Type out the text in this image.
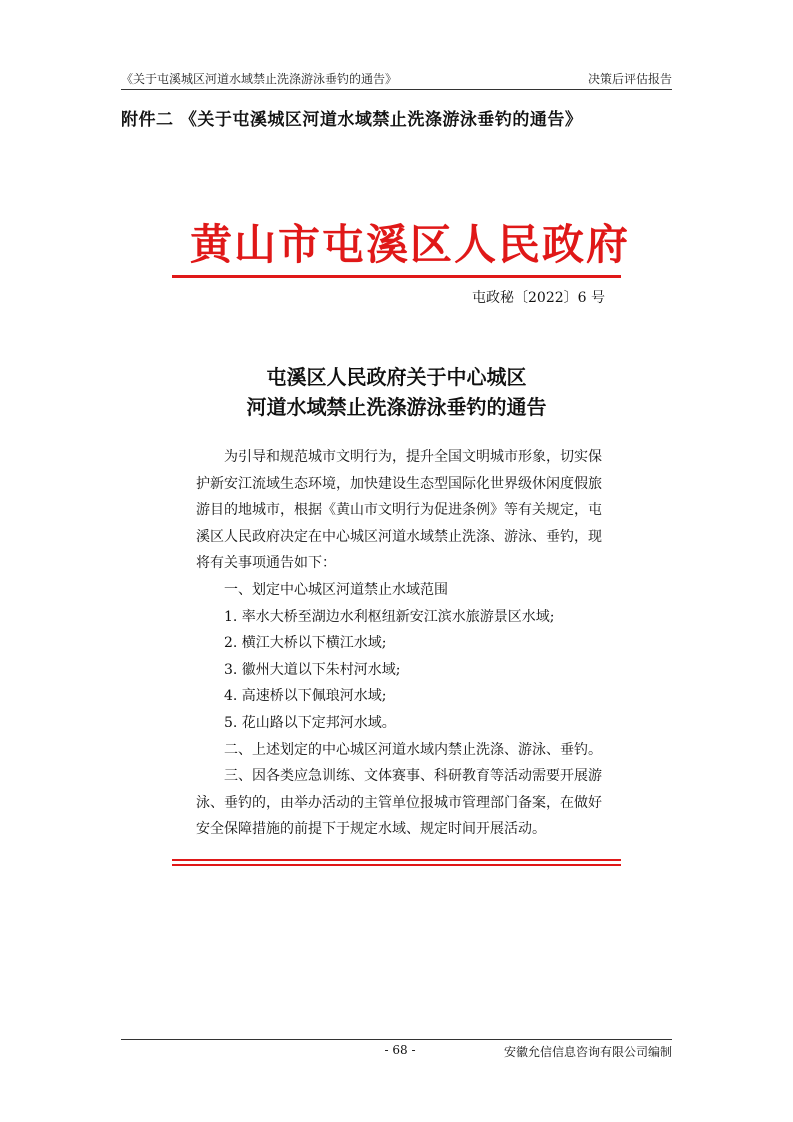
《关于屯溪城区河道水域禁止洗涤游泳垂钓的通告》	决策后评估报告
附件二 《关于屯溪城区河道水域禁止洗涤游泳垂钓的通告》
黄山市屯溪区人民政府
屯政秘〔2022〕6 号
屯溪区人民政府关于中心城区
河道水域禁止洗涤游泳垂钓的通告

为引导和规范城市文明行为，提升全国文明城市形象，切实保护新安江流域生态环境，加快建设生态型国际化世界级休闲度假旅游目的地城市，根据《黄山市文明行为促进条例》等有关规定，屯溪区人民政府决定在中心城区河道水域禁止洗涤、游泳、垂钓，现将有关事项通告如下：

一、划定中心城区河道禁止水域范围

1. 率水大桥至湖边水利枢纽新安江滨水旅游景区水域;

2. 横江大桥以下横江水域;

3. 徽州大道以下朱村河水域;

4. 高速桥以下佩琅河水域;

5. 花山路以下定邦河水域。

二、上述划定的中心城区河道水域内禁止洗涤、游泳、垂钓。

三、因各类应急训练、文体赛事、科研教育等活动需要开展游泳、垂钓的，由举办活动的主管单位报城市管理部门备案，在做好安全保障措施的前提下于规定水域、规定时间开展活动。

- 68 -	安徽允信信息咨询有限公司编制
